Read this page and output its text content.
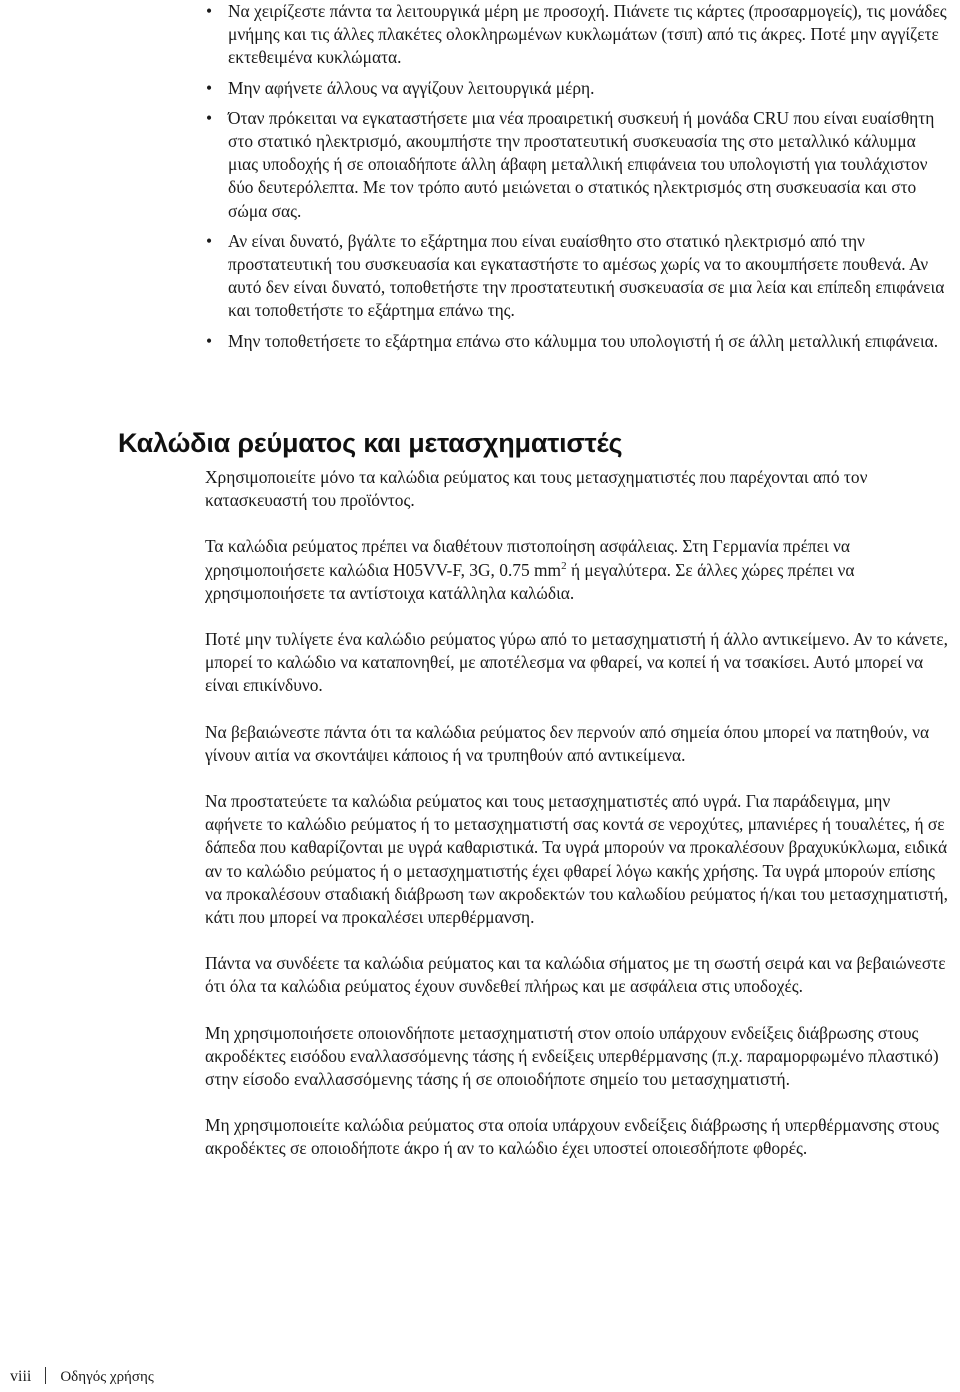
• Να χειρίζεστε πάντα τα λειτουργικά μέρη με προσοχή. Πιάνετε τις κάρτες (προσαρμογείς), τις μονάδες μνήμης και τις άλλες πλακέτες ολοκληρωμένων κυκλωμάτων (τσιπ) από τις άκρες. Ποτέ μην αγγίζετε εκτεθειμένα κυκλώματα.
• Μην αφήνετε άλλους να αγγίζουν λειτουργικά μέρη.
• Όταν πρόκειται να εγκαταστήσετε μια νέα προαιρετική συσκευή ή μονάδα CRU που είναι ευαίσθητη στο στατικό ηλεκτρισμό, ακουμπήστε την προστατευτική συσκευασία της στο μεταλλικό κάλυμμα μιας υποδοχής ή σε οποιαδήποτε άλλη άβαφη μεταλλική επιφάνεια του υπολογιστή για τουλάχιστον δύο δευτερόλεπτα. Με τον τρόπο αυτό μειώνεται ο στατικός ηλεκτρισμός στη συσκευασία και στο σώμα σας.
• Αν είναι δυνατό, βγάλτε το εξάρτημα που είναι ευαίσθητο στο στατικό ηλεκτρισμό από την προστατευτική του συσκευασία και εγκαταστήστε το αμέσως χωρίς να το ακουμπήσετε πουθενά. Αν αυτό δεν είναι δυνατό, τοποθετήστε την προστατευτική συσκευασία σε μια λεία και επίπεδη επιφάνεια και τοποθετήστε το εξάρτημα επάνω της.
• Μην τοποθετήσετε το εξάρτημα επάνω στο κάλυμμα του υπολογιστή ή σε άλλη μεταλλική επιφάνεια.
Καλώδια ρεύματος και μετασχηματιστές

Χρησιμοποιείτε μόνο τα καλώδια ρεύματος και τους μετασχηματιστές που παρέχονται από τον κατασκευαστή του προϊόντος.

Τα καλώδια ρεύματος πρέπει να διαθέτουν πιστοποίηση ασφάλειας. Στη Γερμανία πρέπει να χρησιμοποιήσετε καλώδια H05VV-F, 3G, 0.75 $mm^2$ ή μεγαλύτερα. Σε άλλες χώρες πρέπει να χρησιμοποιήσετε τα αντίστοιχα κατάλληλα καλώδια.

Ποτέ μην τυλίγετε ένα καλώδιο ρεύματος γύρω από το μετασχηματιστή ή άλλο αντικείμενο. Αν το κάνετε, μπορεί το καλώδιο να καταπονηθεί, με αποτέλεσμα να φθαρεί, να κοπεί ή να τσακίσει. Αυτό μπορεί να είναι επικίνδυνο.

Να βεβαιώνεστε πάντα ότι τα καλώδια ρεύματος δεν περνούν από σημεία όπου μπορεί να πατηθούν, να γίνουν αιτία να σκοντάψει κάποιος ή να τρυπηθούν από αντικείμενα.

Να προστατεύετε τα καλώδια ρεύματος και τους μετασχηματιστές από υγρά. Για παράδειγμα, μην αφήνετε το καλώδιο ρεύματος ή το μετασχηματιστή σας κοντά σε νεροχύτες, μπανιέρες ή τουαλέτες, ή σε δάπεδα που καθαρίζονται με υγρά καθαριστικά. Τα υγρά μπορούν να προκαλέσουν βραχυκύκλωμα, ειδικά αν το καλώδιο ρεύματος ή ο μετασχηματιστής έχει φθαρεί λόγω κακής χρήσης. Τα υγρά μπορούν επίσης να προκαλέσουν σταδιακή διάβρωση των ακροδεκτών του καλωδίου ρεύματος ή/και του μετασχηματιστή, κάτι που μπορεί να προκαλέσει υπερθέρμανση.

Πάντα να συνδέετε τα καλώδια ρεύματος και τα καλώδια σήματος με τη σωστή σειρά και να βεβαιώνεστε ότι όλα τα καλώδια ρεύματος έχουν συνδεθεί πλήρως και με ασφάλεια στις υποδοχές.

Μη χρησιμοποιήσετε οποιονδήποτε μετασχηματιστή στον οποίο υπάρχουν ενδείξεις διάβρωσης στους ακροδέκτες εισόδου εναλλασσόμενης τάσης ή ενδείξεις υπερθέρμανσης (π.χ. παραμορφωμένο πλαστικό) στην είσοδο εναλλασσόμενης τάσης ή σε οποιοδήποτε σημείο του μετασχηματιστή.

Μη χρησιμοποιείτε καλώδια ρεύματος στα οποία υπάρχουν ενδείξεις διάβρωσης ή υπερθέρμανσης στους ακροδέκτες σε οποιοδήποτε άκρο ή αν το καλώδιο έχει υποστεί οποιεσδήποτε φθορές.

viii Οδηγός χρήσης
